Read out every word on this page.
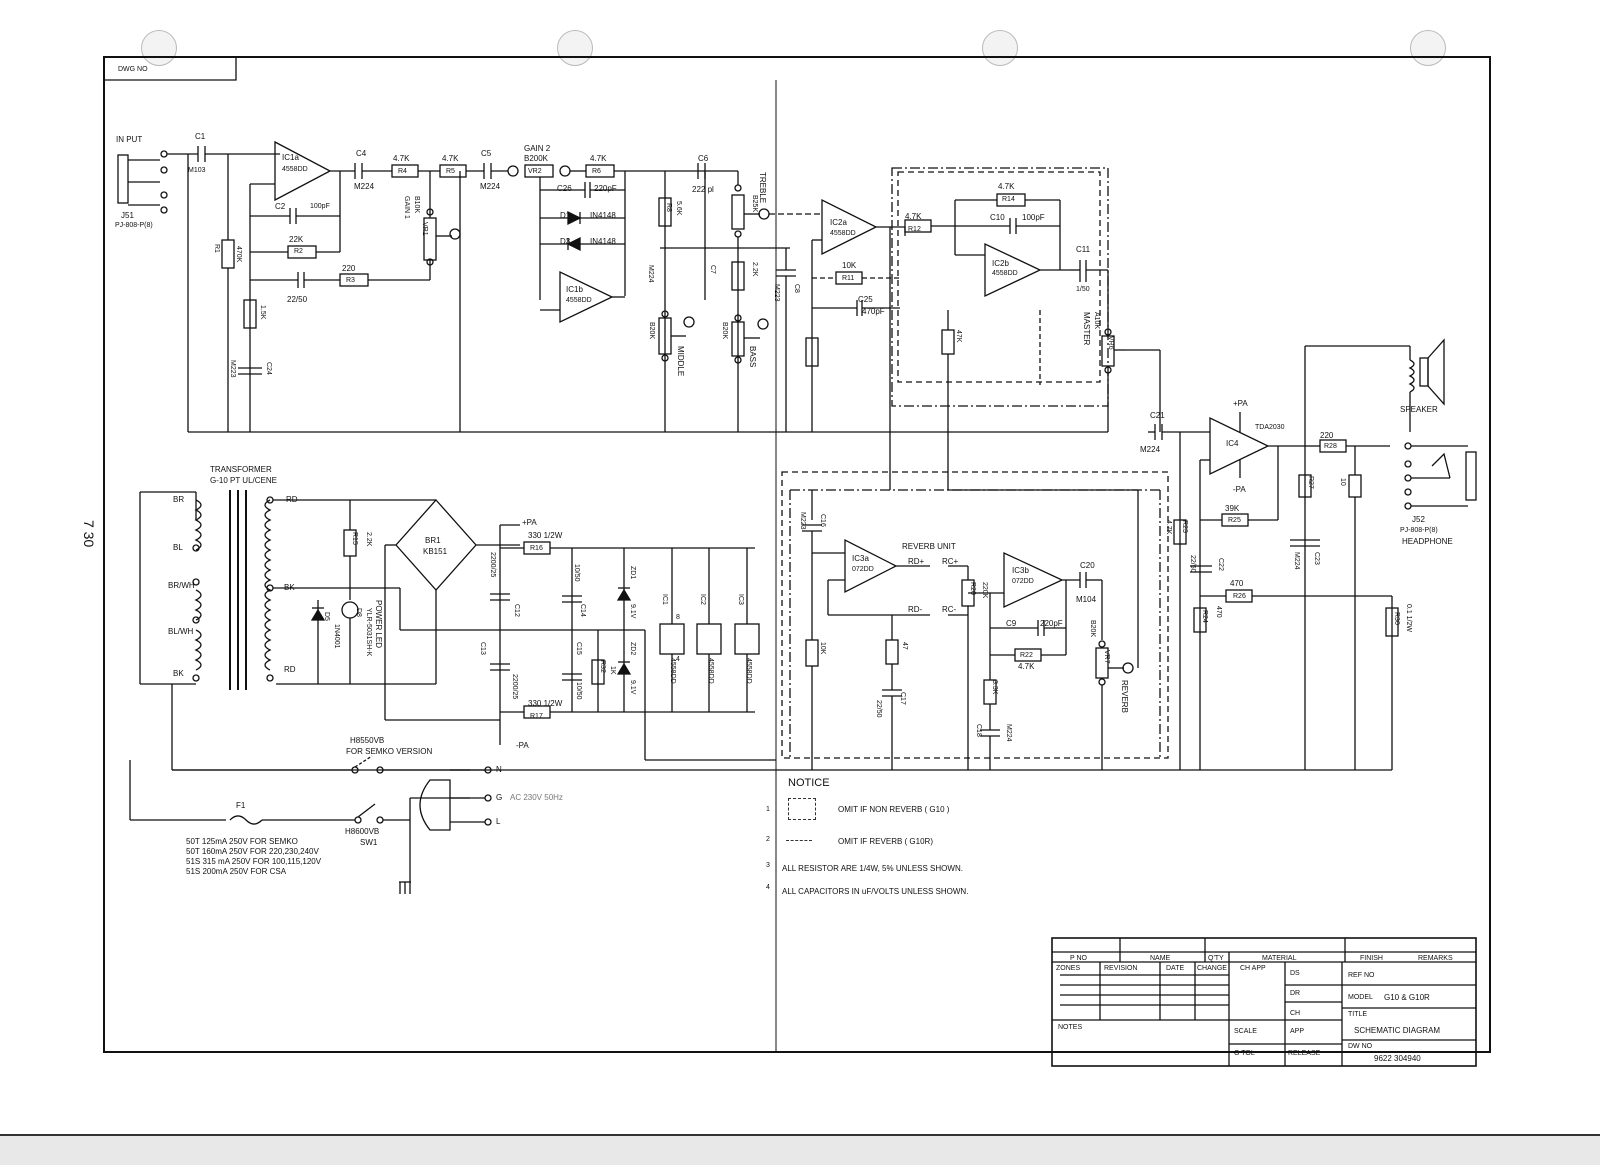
DWG NO
7 30
IN PUT
J51
PJ-808-P(8)
C1
M103
R1 470K
IC1a
4558DD
C2	100pF
22K
R2
22/50
220
R3
1.5K
C24
M223
C4
M224
4.7K
R4
4.7K
R5
VR1
B10K
GAIN 1
C5
M224
GAIN 2
B200K
VR2
4.7K
R6
C26	220pF
D1 IN4148
D3 IN4148
IC1b
4558DD
R8 5.6K
C6
222 pl
C7
M224
MIDDLE
B20K
TREBLE
B25K
2.2K
BASS
B20K
C8
M223
IC2a
4558DD
10K
R11
C25
470pF
4.7K
R14
4.7K
R12
C10 100pF
IC2b
4558DD
C11
1/50
47K	VR6
A10K
MASTER
C21
M224
+PA
-PA
IC4
TDA2030
220
R28
R27
39K
R25
R23
4.7K
22/50	C22
470
R26
R24 470
C23
M224
10
R30 0.1 1/2W
SPEAKER
J52
PJ-808-P(8)
HEADPHONE
TRANSFORMER
G-10 PT UL/CENE
BR
BL
BR/WH
BL/WH
BK
RD
BK
RD
R15 2.2K
D8 YLR-5031SH-K POWER LED
D5
1N4001
BR1
KB151
+PA
330 1/2W
R16
C12
2200/25
C13
2200/25
330 1/2W
R17
-PA
C14
10/50	ZD1
9.1V
C15
10/50
R32 1K
ZD2
9.1V
IC1
4558DD
IC2
4558DD
IC3
4558DD
8
4
C16
M223
REVERB UNIT
IC3a
072DD
RD+ RC+
RD- RC-
10K
R20 220K
IC3b
072DD
C20
M104
C9	220pF
R22
4.7K
3.3K
C18	M224
47
C17
22/50
VR7
B20K
REVERB
H8550VB
FOR SEMKO VERSION
F1
H8600VB
SW1
N
G
L
AC 230V 50Hz
50T 125mA 250V FOR SEMKO
50T 160mA 250V FOR 220,230,240V
51S 315 mA 250V FOR 100,115,120V
51S 200mA 250V FOR CSA
NOTICE
1	OMIT IF NON REVERB ( G10 )
2	OMIT IF REVERB ( G10R)
3 ALL RESISTOR ARE 1/4W, 5% UNLESS SHOWN.
4 ALL CAPACITORS IN uF/VOLTS UNLESS SHOWN.
P NO	NAME	Q'TY	MATERIAL	FINISH	REMARKS
ZONES	REVISION	DATE CHANGE CH APP
DS
DR
CH
APP
SCALE
G TOL	RELEASE
NOTES
REF NO
MODEL G10 & G10R
TITLE
SCHEMATIC DIAGRAM
DW NO
9622 304940
